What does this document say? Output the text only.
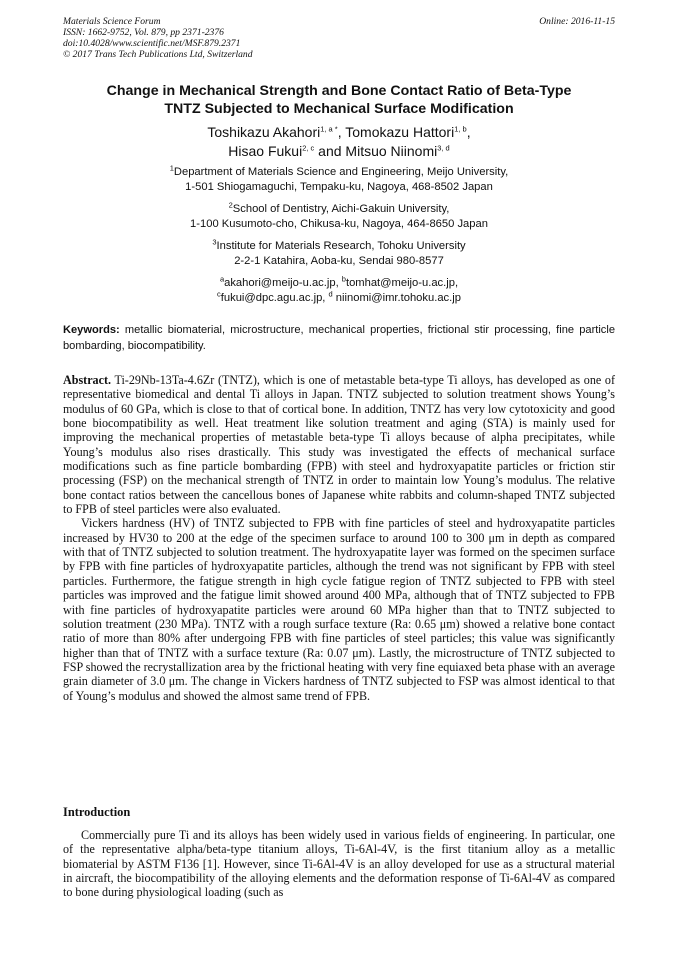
Materials Science Forum
ISSN: 1662-9752, Vol. 879, pp 2371-2376
doi:10.4028/www.scientific.net/MSF.879.2371
© 2017 Trans Tech Publications Ltd, Switzerland
Online: 2016-11-15
Change in Mechanical Strength and Bone Contact Ratio of Beta-Type
TNTZ Subjected to Mechanical Surface Modification
Toshikazu Akahori$^{1, a *}$, Tomokazu Hattori$^{1, b}$,
Hisao Fukui$^{2, c}$ and Mitsuo Niinomi$^{3, d}$
$^1$Department of Materials Science and Engineering, Meijo University,
1-501 Shiogamaguchi, Tempaku-ku, Nagoya, 468-8502 Japan
$^2$School of Dentistry, Aichi-Gakuin University,
1-100 Kusumoto-cho, Chikusa-ku, Nagoya, 464-8650 Japan
$^3$Institute for Materials Research, Tohoku University
2-2-1 Katahira, Aoba-ku, Sendai 980-8577
$^a$akahori@meijo-u.ac.jp, $^b$tomhat@meijo-u.ac.jp,
$^c$fukui@dpc.agu.ac.jp, $^d$ niinomi@imr.tohoku.ac.jp
Keywords: metallic biomaterial, microstructure, mechanical properties, frictional stir processing, fine particle bombarding, biocompatibility.

Abstract. Ti-29Nb-13Ta-4.6Zr (TNTZ), which is one of metastable beta-type Ti alloys, has developed as one of representative biomedical and dental Ti alloys in Japan. TNTZ subjected to solution treatment shows Young’s modulus of 60 GPa, which is close to that of cortical bone. In addition, TNTZ has very low cytotoxicity and good bone biocompatibility as well. Heat treatment like solution treatment and aging (STA) is mainly used for improving the mechanical properties of metastable beta-type Ti alloys because of alpha precipitates, while Young’s modulus also rises drastically. This study was investigated the effects of mechanical surface modifications such as fine particle bombarding (FPB) with steel and hydroxyapatite particles or friction stir processing (FSP) on the mechanical strength of TNTZ in order to maintain low Young’s modulus. The relative bone contact ratios between the cancellous bones of Japanese white rabbits and column-shaped TNTZ subjected to FPB of steel particles were also evaluated.

Vickers hardness (HV) of TNTZ subjected to FPB with fine particles of steel and hydroxyapatite particles increased by HV30 to 200 at the edge of the specimen surface to around 100 to 300 μm in depth as compared with that of TNTZ subjected to solution treatment. The hydroxyapatite layer was formed on the specimen surface by FPB with fine particles of hydroxyapatite particles, although the trend was not significant by FPB with steel particles. Furthermore, the fatigue strength in high cycle fatigue region of TNTZ subjected to FPB with steel particles was improved and the fatigue limit showed around 400 MPa, although that of TNTZ subjected to FPB with fine particles of hydroxyapatite particles were around 60 MPa higher than that to TNTZ subjected to solution treatment (230 MPa). TNTZ with a rough surface texture (Ra: 0.65 μm) showed a relative bone contact ratio of more than 80% after undergoing FPB with fine particles of steel particles; this value was significantly higher than that of TNTZ with a surface texture (Ra: 0.07 μm). Lastly, the microstructure of TNTZ subjected to FSP showed the recrystallization area by the frictional heating with very fine equiaxed beta phase with an average grain diameter of 3.0 μm. The change in Vickers hardness of TNTZ subjected to FSP was almost identical to that of Young’s modulus and showed the almost same trend of FPB.

Introduction

Commercially pure Ti and its alloys has been widely used in various fields of engineering. In particular, one of the representative alpha/beta-type titanium alloys, Ti-6Al-4V, is the first titanium alloy as a metallic biomaterial by ASTM F136 [1]. However, since Ti-6Al-4V is an alloy developed for use as a structural material in aircraft, the biocompatibility of the alloying elements and the deformation response of Ti-6Al-4V as compared to bone during physiological loading (such as
